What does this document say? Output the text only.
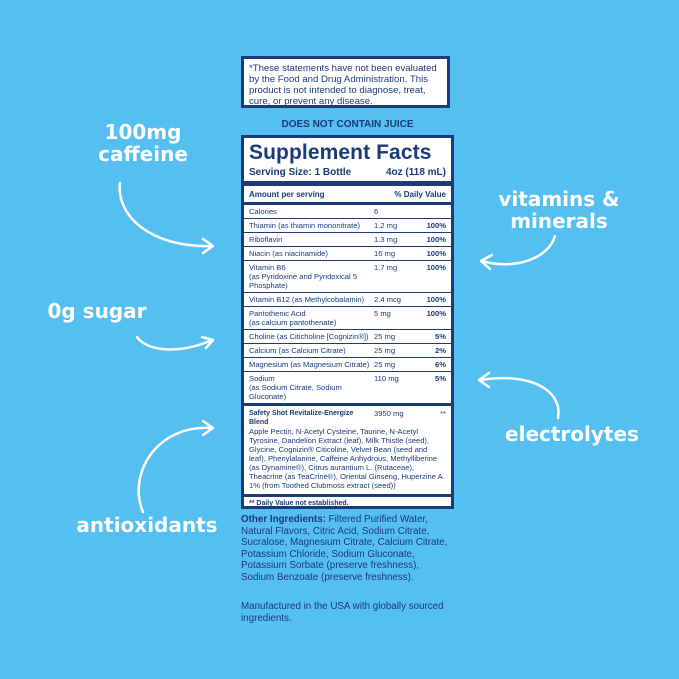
100mg
caffeine
0g sugar
antioxidants
vitamins &
minerals
electrolytes
*These statements have not been evaluated by the Food and Drug Administration. This product is not intended to diagnose, treat, cure, or prevent any disease.
DOES NOT CONTAIN JUICE
Supplement Facts
Serving Size: 1 Bottle	4oz (118 mL)
Amount per serving	% Daily Value
Calories	6
Thiamin (as thiamin mononitrate)	1.2 mg	100%
Riboflavin	1.3 mg	100%
Niacin (as niacinamide)	16 mg	100%
Vitamin B6
(as Pyridoxine and Pyridoxical 5 Phosphate)
1.7 mg	100%
Vitamin B12 (as Methylcobalamin)	2.4 mcg	100%
Pantothenic Acid
(as calcium pantothenate)
5 mg	100%
Choline (as Citicholine [Cognizin®]) 25 mg	5%
Calcium (as Calcium Citrate)	25 mg	2%
Magnesium (as Magnesium Citrate) 25 mg	6%
Sodium
(as Sodium Citrate, Sodium Gluconate)
110 mg	5%
Safety Shot Revitalize-Energize Blend
3950 mg	**
Apple Pectin, N-Acetyl Cysteine, Taurine, N-Acetyl Tyrosine, Dandelion Extract (leaf), Milk Thistle (seed), Glycine, Cognizin® Citicoline, Velvet Bean (seed and leaf), Phenylalanine, Caffeine Anhydrous, Methylliberine (as Dynamine®), Citrus aurantium L. (Rutaceae), Theacrine (as TeaCrine®), Oriental Ginseng, Huperzine A 1% (from Toothed Clubmoss extract (seed))
** Daily Value not established.
Other Ingredients: Filtered Purified Water, Natural Flavors, Citric Acid, Sodium Citrate, Sucralose, Magnesium Citrate, Calcium Citrate, Potassium Chloride, Sodium Gluconate, Potassium Sorbate (preserve freshness), Sodium Benzoate (preserve freshness).
Manufactured in the USA with globally sourced ingredients.
